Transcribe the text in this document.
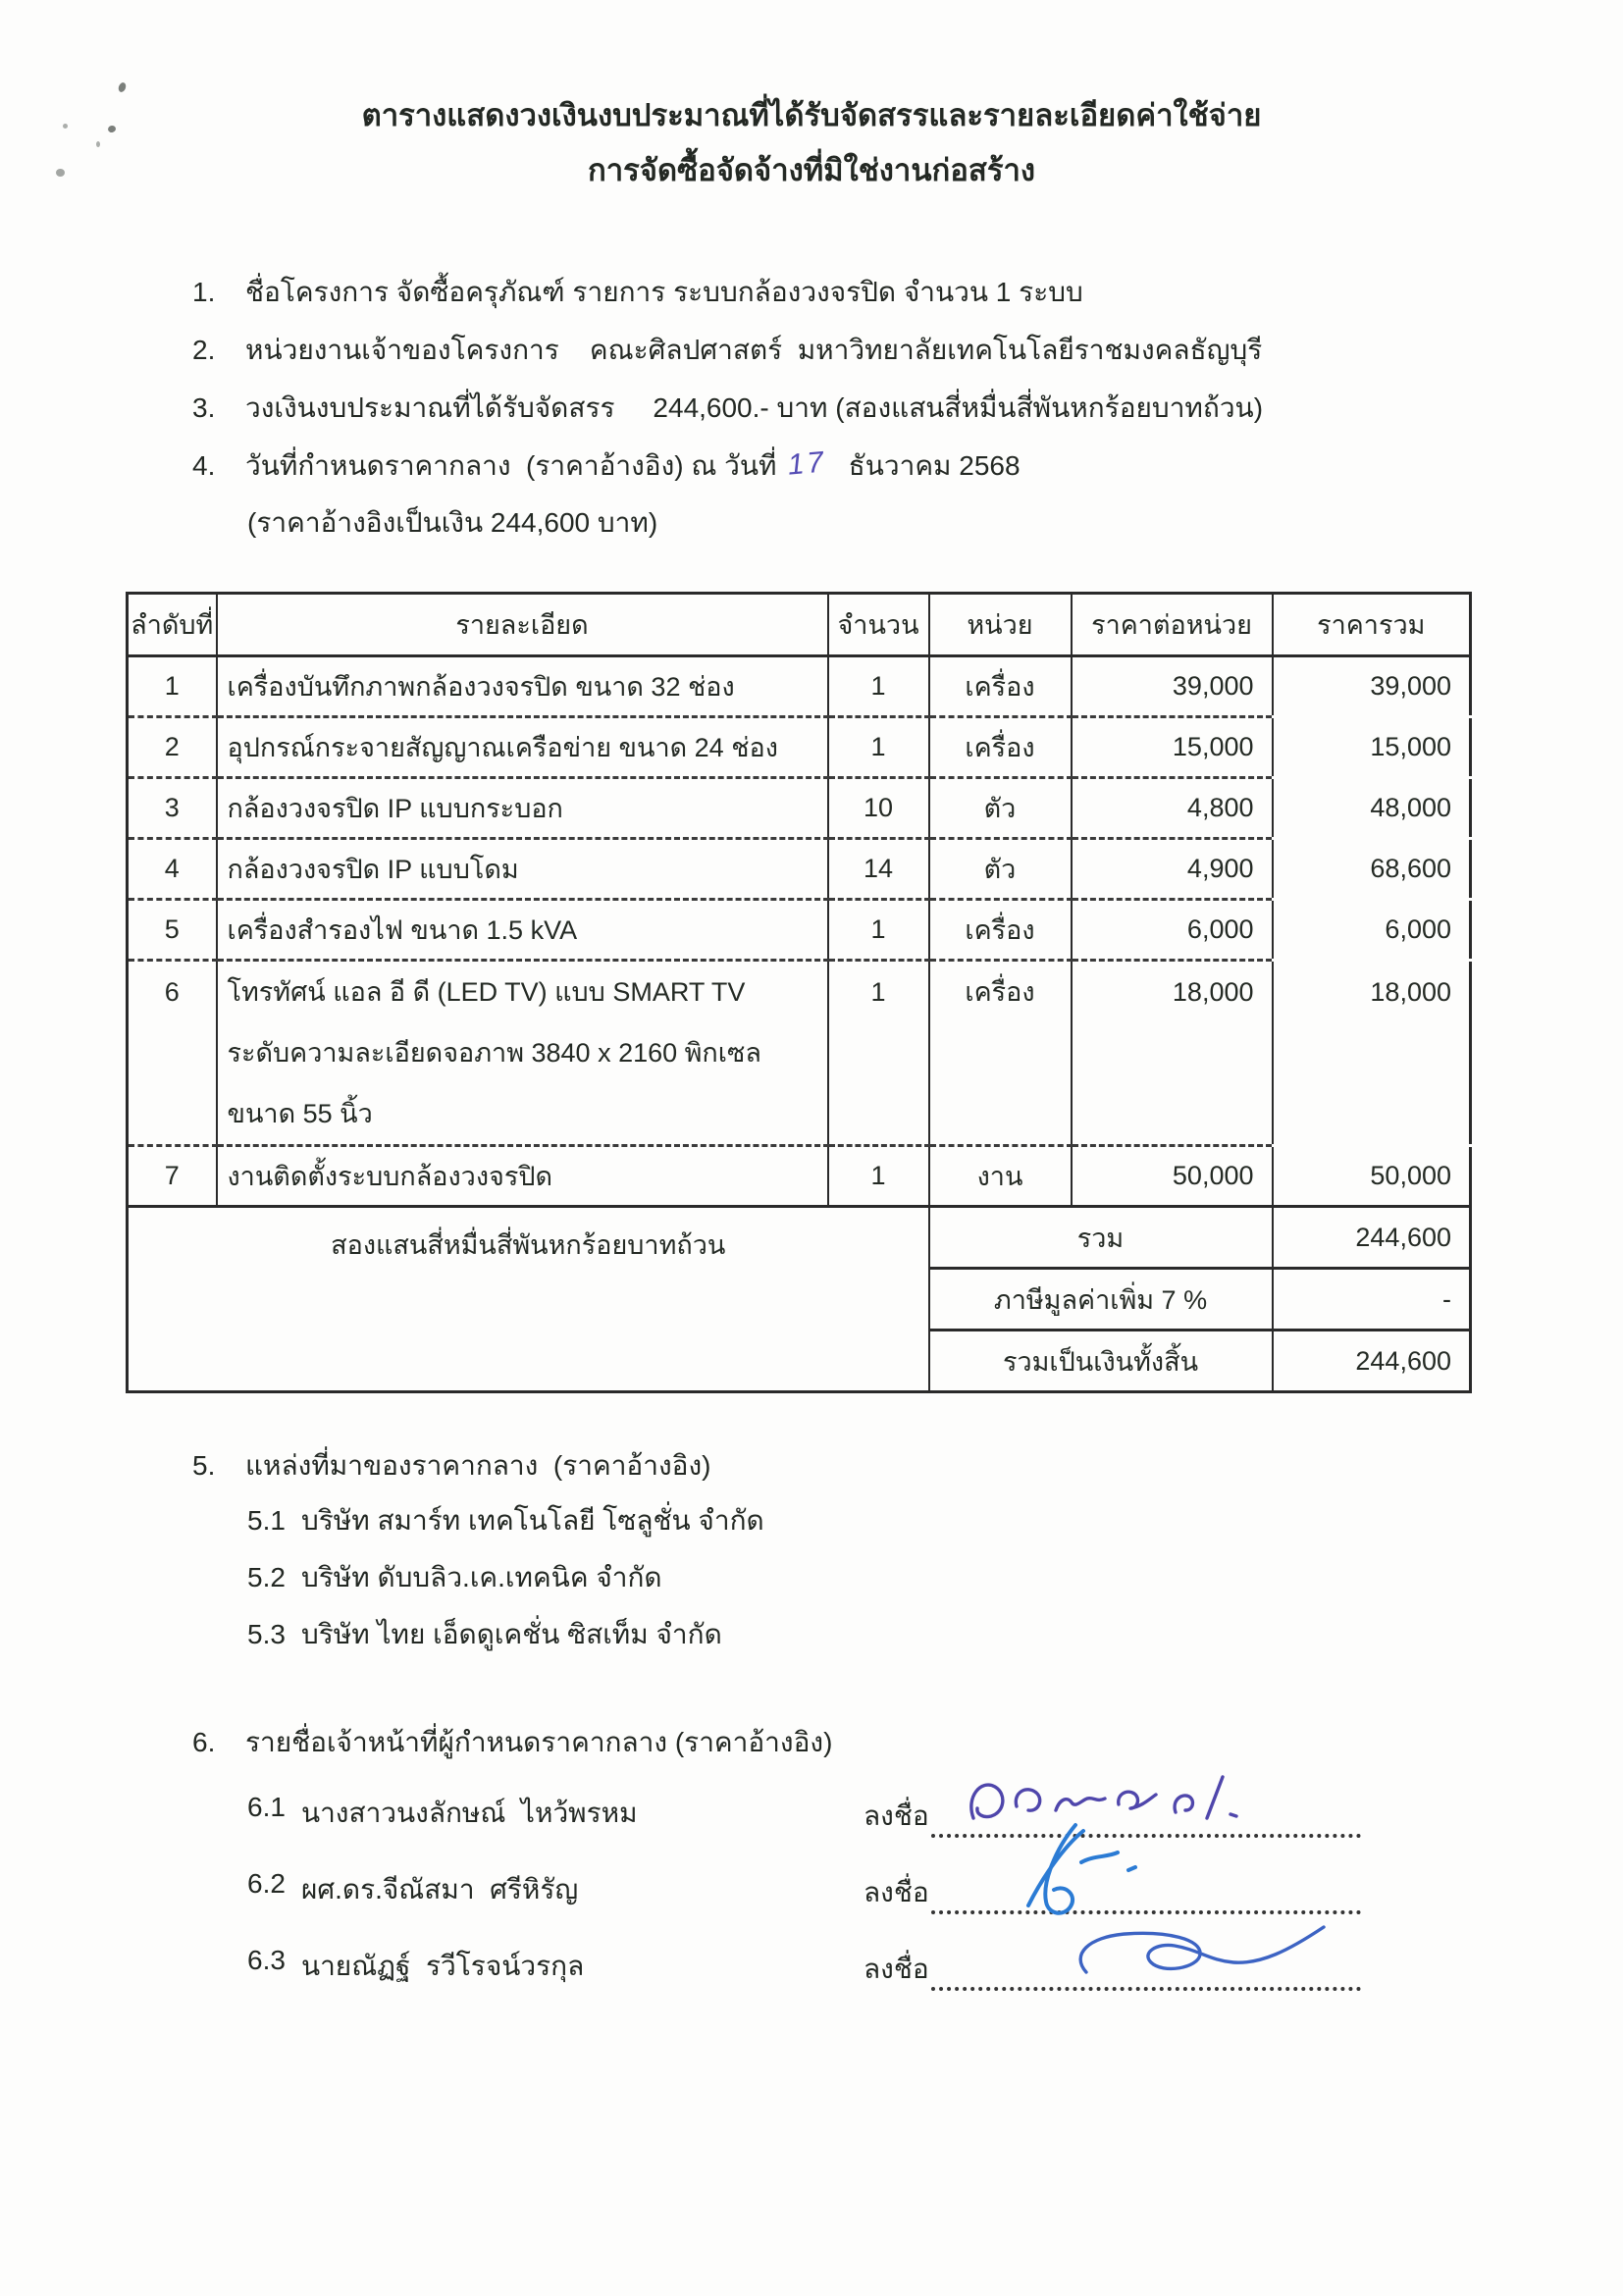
ตารางแสดงวงเงินงบประมาณที่ได้รับจัดสรรและรายละเอียดค่าใช้จ่าย
การจัดซื้อจัดจ้างที่มิใช่งานก่อสร้าง
1.	ชื่อโครงการ จัดซื้อครุภัณฑ์ รายการ ระบบกล้องวงจรปิด จำนวน 1 ระบบ
2.	หน่วยงานเจ้าของโครงการ    คณะศิลปศาสตร์  มหาวิทยาลัยเทคโนโลยีราชมงคลธัญบุรี
3.	วงเงินงบประมาณที่ได้รับจัดสรร     244,600.- บาท (สองแสนสี่หมื่นสี่พันหกร้อยบาทถ้วน)
4.	วันที่กำหนดราคากลาง  (ราคาอ้างอิง) ณ วันที่ 17 ธันวาคม 2568
(ราคาอ้างอิงเป็นเงิน 244,600 บาท)
ลำดับที่	รายละเอียด	จำนวน	หน่วย	ราคาต่อหน่วย	ราคารวม
1	เครื่องบันทึกภาพกล้องวงจรปิด ขนาด 32 ช่อง	1	เครื่อง	39,000	39,000
2	อุปกรณ์กระจายสัญญาณเครือข่าย ขนาด 24 ช่อง	1	เครื่อง	15,000	15,000
3	กล้องวงจรปิด IP แบบกระบอก	10	ตัว	4,800	48,000
4	กล้องวงจรปิด IP แบบโดม	14	ตัว	4,900	68,600
5	เครื่องสำรองไฟ ขนาด 1.5 kVA	1	เครื่อง	6,000	6,000
6	โทรทัศน์ แอล อี ดี (LED TV) แบบ SMART TV
ระดับความละเอียดจอภาพ 3840 x 2160 พิกเซล
ขนาด 55 นิ้ว	1	เครื่อง	18,000	18,000
7	งานติดตั้งระบบกล้องวงจรปิด	1	งาน	50,000	50,000
สองแสนสี่หมื่นสี่พันหกร้อยบาทถ้วน			รวม		244,600
			ภาษีมูลค่าเพิ่ม 7 %		-
			รวมเป็นเงินทั้งสิ้น		244,600
5.	แหล่งที่มาของราคากลาง  (ราคาอ้างอิง)
5.1 บริษัท สมาร์ท เทคโนโลยี โซลูชั่น จำกัด
5.2 บริษัท ดับบลิว.เค.เทคนิค จำกัด
5.3 บริษัท ไทย เอ็ดดูเคชั่น ซิสเท็ม จำกัด
6.	รายชื่อเจ้าหน้าที่ผู้กำหนดราคากลาง (ราคาอ้างอิง)
6.1 นางสาวนงลักษณ์  ไหว้พรหม	ลงชื่อ
6.2 ผศ.ดร.จีณัสมา  ศรีหิรัญ	ลงชื่อ
6.3 นายณัฏฐ์  รวีโรจน์วรกุล	ลงชื่อ
